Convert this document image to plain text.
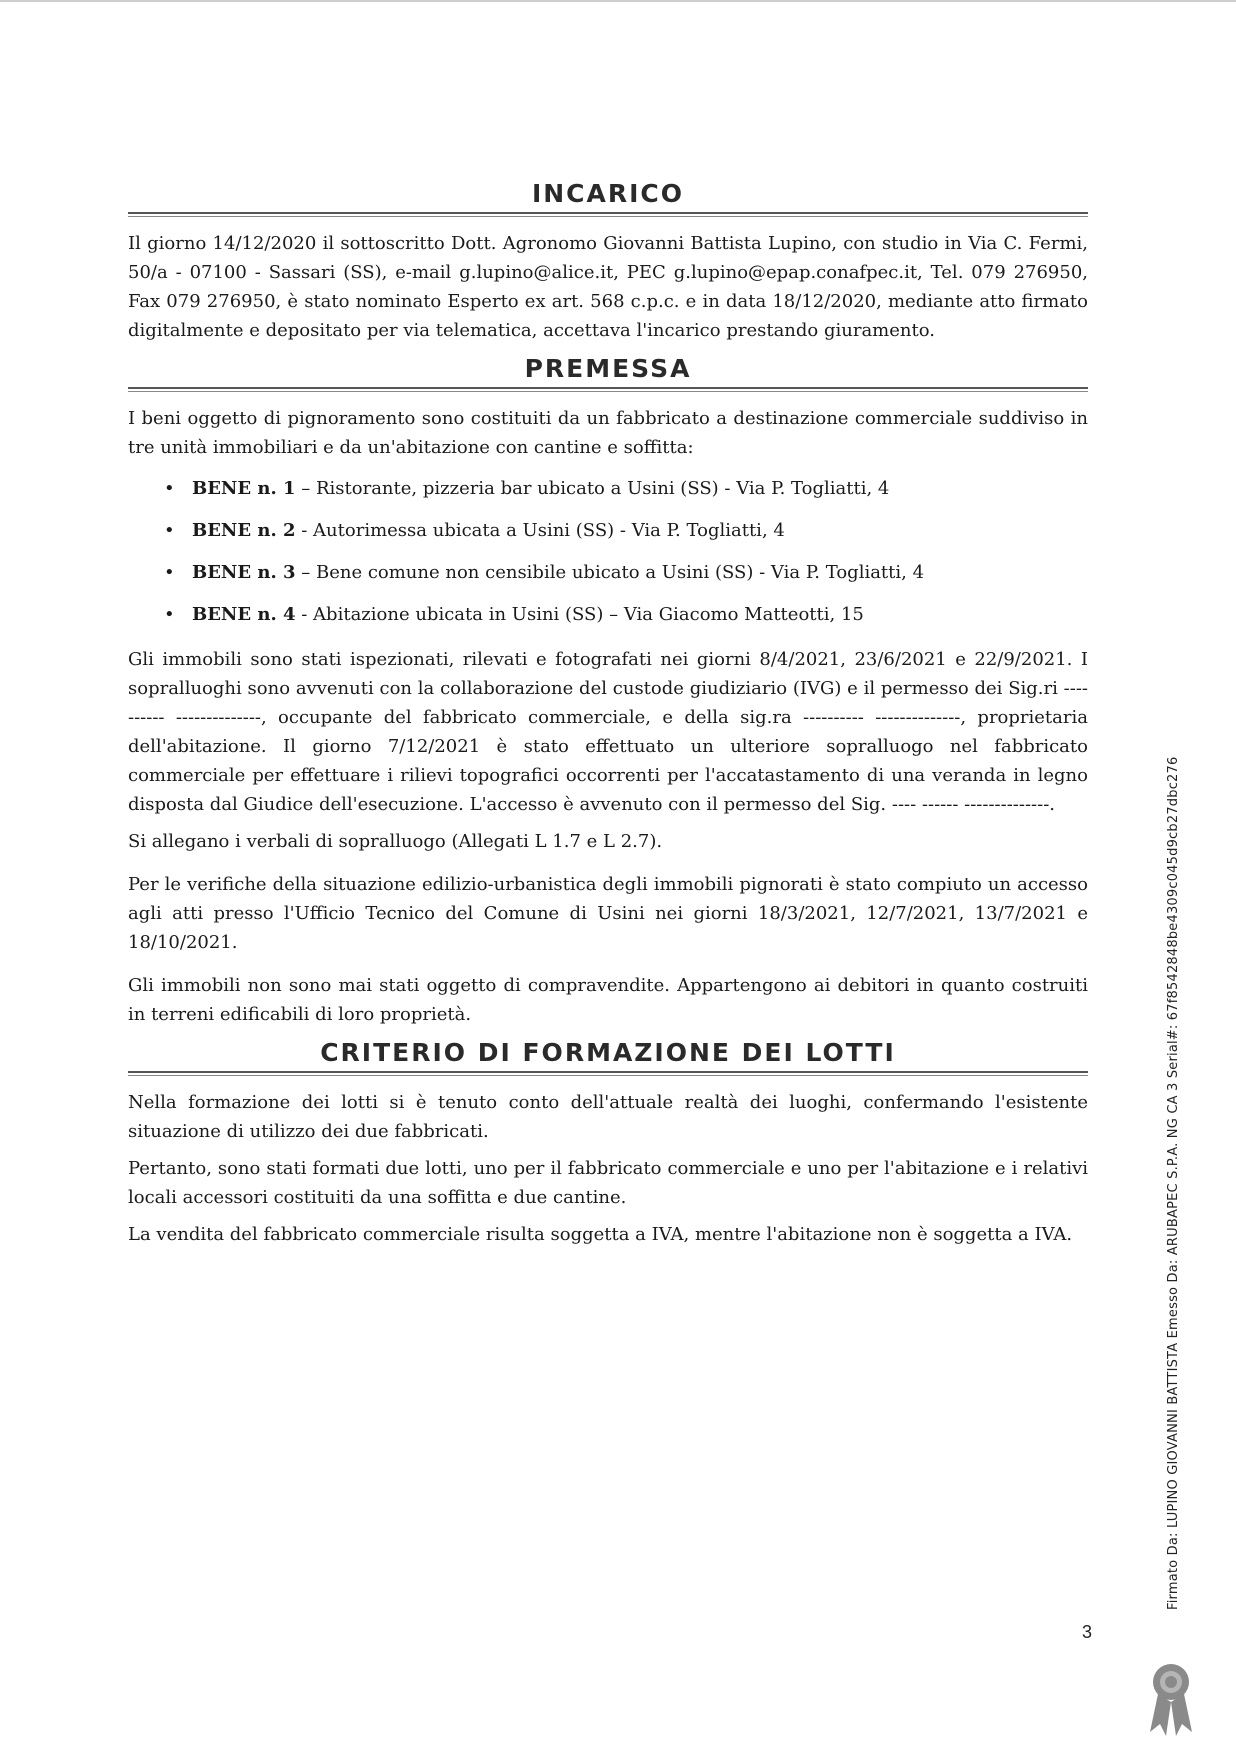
INCARICO

Il giorno 14/12/2020 il sottoscritto Dott. Agronomo Giovanni Battista Lupino, con studio in Via C. Fermi, 50/a - 07100 - Sassari (SS), e-mail g.lupino@alice.it, PEC g.lupino@epap.conafpec.it, Tel. 079 276950, Fax 079 276950, è stato nominato Esperto ex art. 568 c.p.c. e in data 18/12/2020, mediante atto firmato digitalmente e depositato per via telematica, accettava l'incarico prestando giuramento.

PREMESSA

I beni oggetto di pignoramento sono costituiti da un fabbricato a destinazione commerciale suddiviso in tre unità immobiliari e da un'abitazione con cantine e soffitta:

• BENE n. 1 – Ristorante, pizzeria bar ubicato a Usini (SS) - Via P. Togliatti, 4
• BENE n. 2 - Autorimessa ubicata a Usini (SS) - Via P. Togliatti, 4
• BENE n. 3 – Bene comune non censibile ubicato a Usini (SS) - Via P. Togliatti, 4
• BENE n. 4 - Abitazione ubicata in Usini (SS) – Via Giacomo Matteotti, 15

Gli immobili sono stati ispezionati, rilevati e fotografati nei giorni 8/4/2021, 23/6/2021 e 22/9/2021. I sopralluoghi sono avvenuti con la collaborazione del custode giudiziario (IVG) e il permesso dei Sig.ri ---------- --------------, occupante del fabbricato commerciale, e della sig.ra ---------- --------------, proprietaria dell'abitazione. Il giorno 7/12/2021 è stato effettuato un ulteriore sopralluogo nel fabbricato commerciale per effettuare i rilievi topografici occorrenti per l'accatastamento di una veranda in legno disposta dal Giudice dell'esecuzione. L'accesso è avvenuto con il permesso del Sig. ---- ------ --------------.

Si allegano i verbali di sopralluogo (Allegati L 1.7 e L 2.7).

Per le verifiche della situazione edilizio-urbanistica degli immobili pignorati è stato compiuto un accesso agli atti presso l'Ufficio Tecnico del Comune di Usini nei giorni 18/3/2021, 12/7/2021, 13/7/2021 e 18/10/2021.

Gli immobili non sono mai stati oggetto di compravendite. Appartengono ai debitori in quanto costruiti in terreni edificabili di loro proprietà.

CRITERIO DI FORMAZIONE DEI LOTTI

Nella formazione dei lotti si è tenuto conto dell'attuale realtà dei luoghi, confermando l'esistente situazione di utilizzo dei due fabbricati.

Pertanto, sono stati formati due lotti, uno per il fabbricato commerciale e uno per l'abitazione e i relativi locali accessori costituiti da una soffitta e due cantine.

La vendita del fabbricato commerciale risulta soggetta a IVA, mentre l'abitazione non è soggetta a IVA.

3
Firmato Da: LUPINO GIOVANNI BATTISTA Emesso Da: ARUBAPEC S.P.A. NG CA 3 Serial#: 67f8542848be4309c045d9cb27dbc276
